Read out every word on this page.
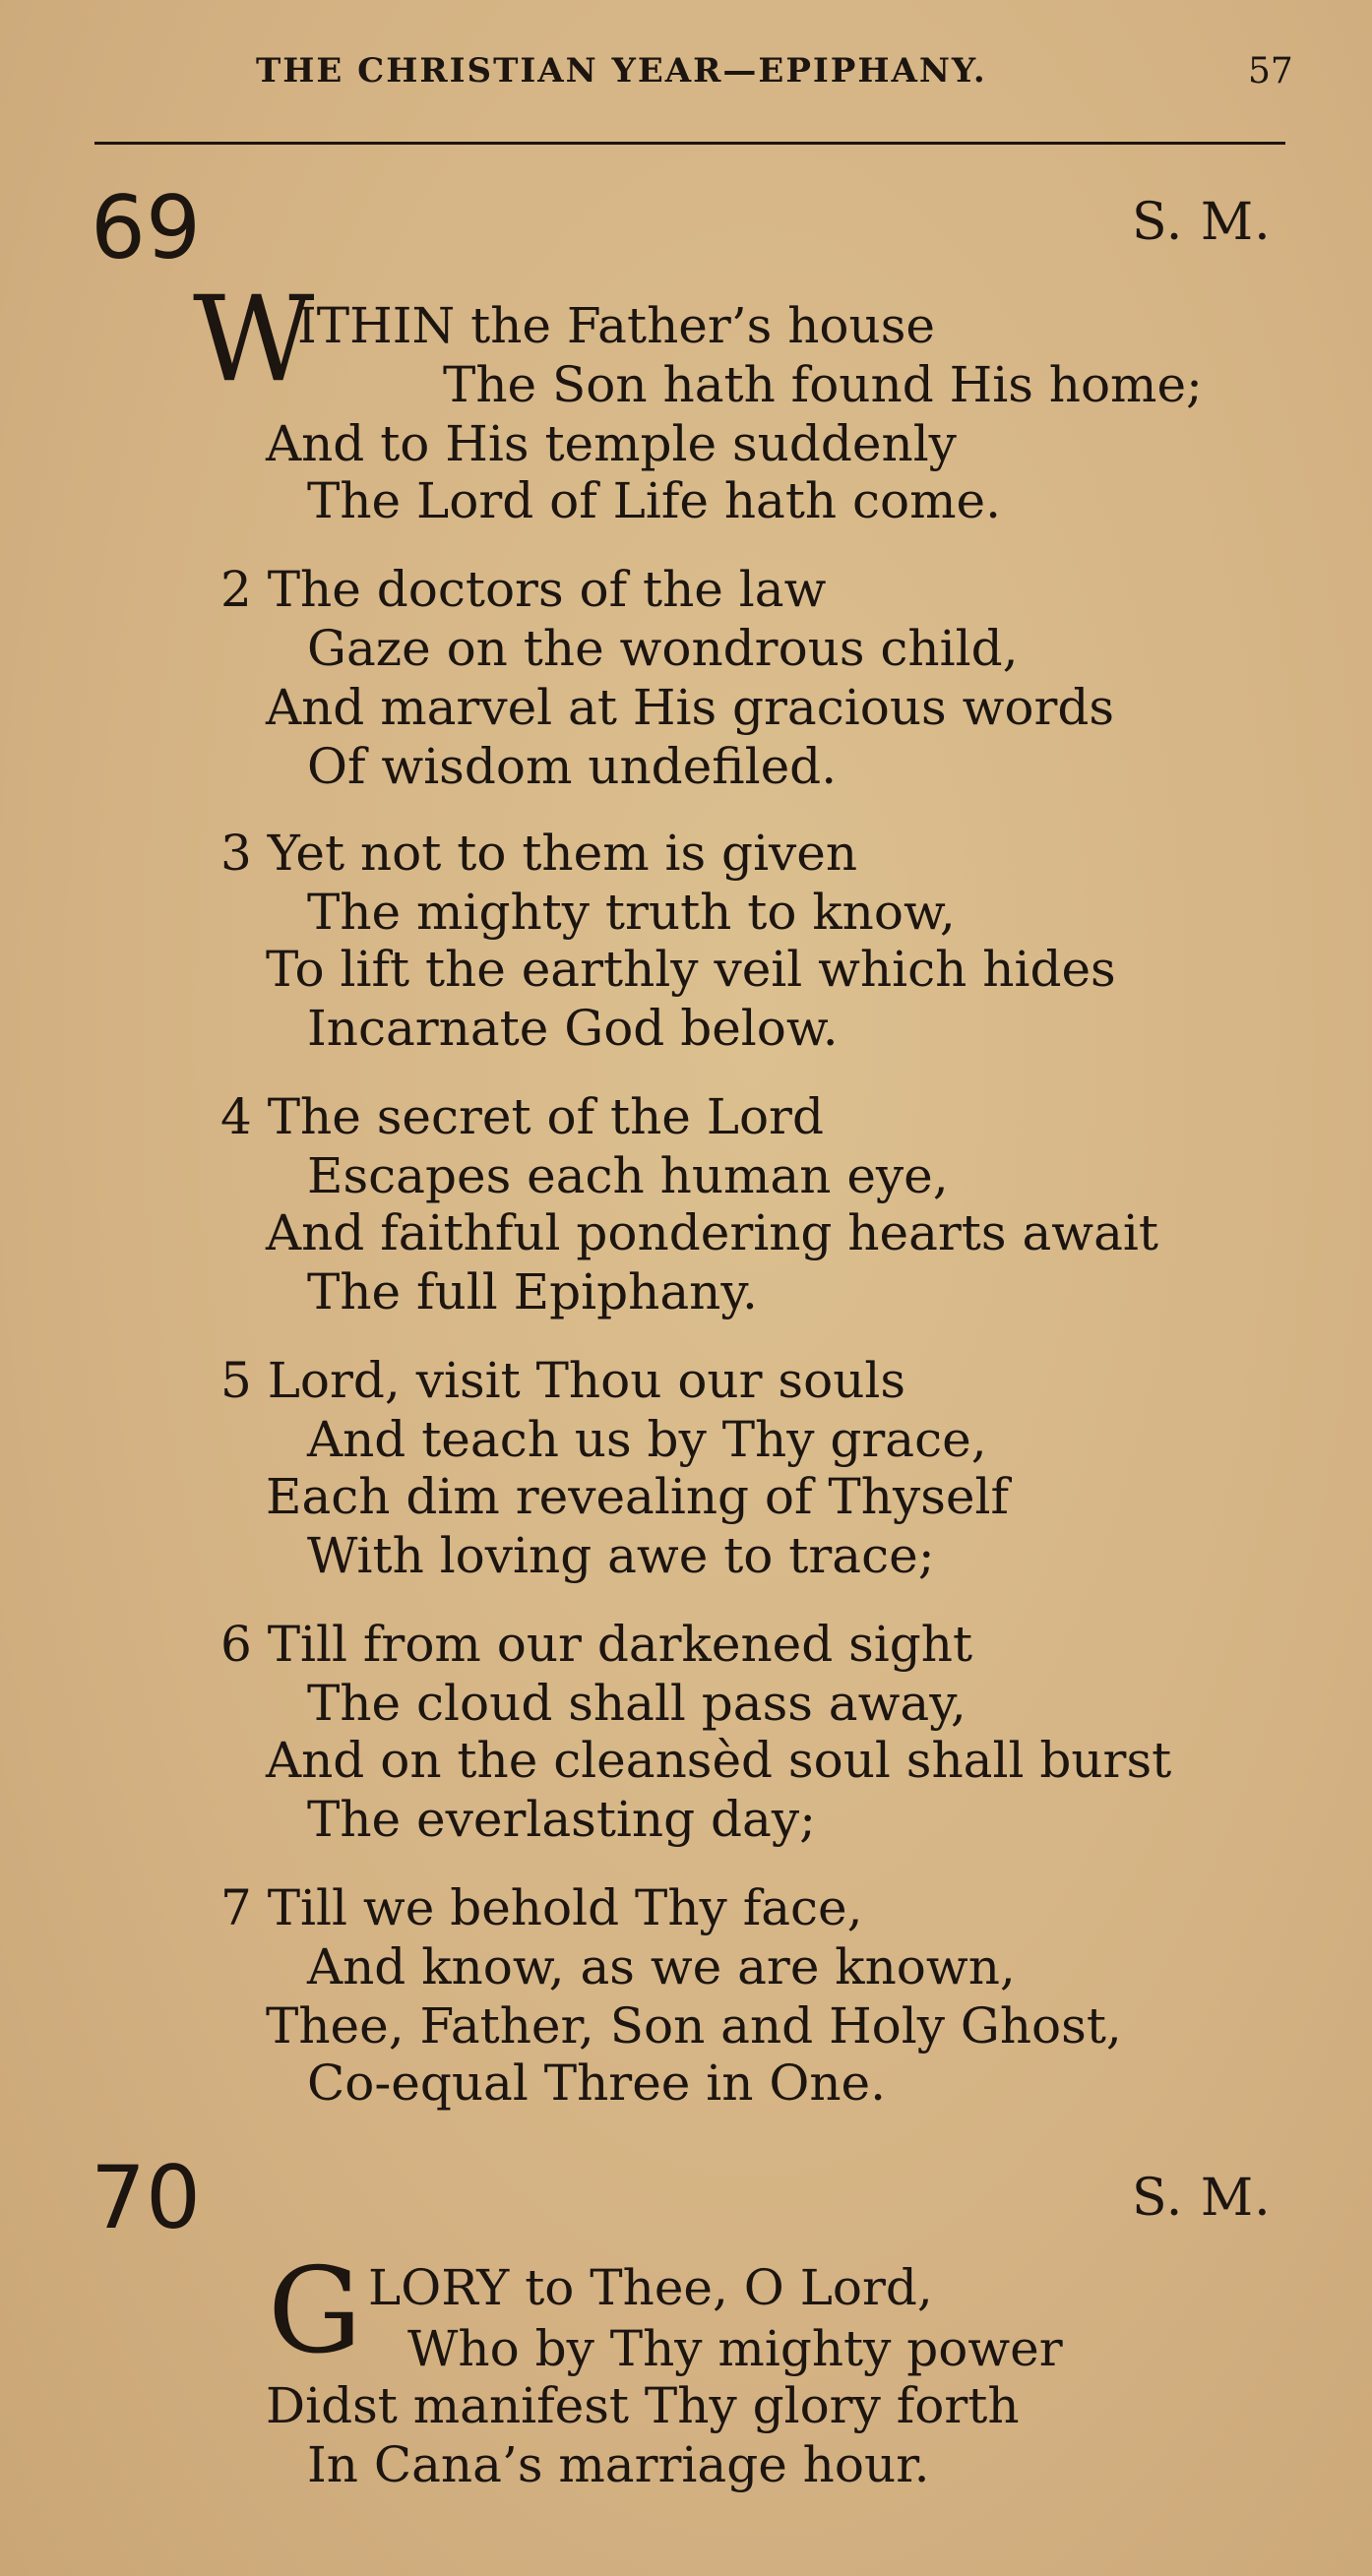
THE CHRISTIAN YEAR—EPIPHANY.	57
69	S. M.
W
ITHIN the Father’s house
The Son hath found His home;
And to His temple suddenly
The Lord of Life hath come.
2 The doctors of the law
Gaze on the wondrous child,
And marvel at His gracious words
Of wisdom undefiled.
3 Yet not to them is given
The mighty truth to know,
To lift the earthly veil which hides
Incarnate God below.
4 The secret of the Lord
Escapes each human eye,
And faithful pondering hearts await
The full Epiphany.
5 Lord, visit Thou our souls
And teach us by Thy grace,
Each dim revealing of Thyself
With loving awe to trace;
6 Till from our darkened sight
The cloud shall pass away,
And on the cleansèd soul shall burst
The everlasting day;
7 Till we behold Thy face,
And know, as we are known,
Thee, Father, Son and Holy Ghost,
Co-equal Three in One.
70	S. M.
G LORY to Thee, O Lord,
Who by Thy mighty power
Didst manifest Thy glory forth
In Cana’s marriage hour.
